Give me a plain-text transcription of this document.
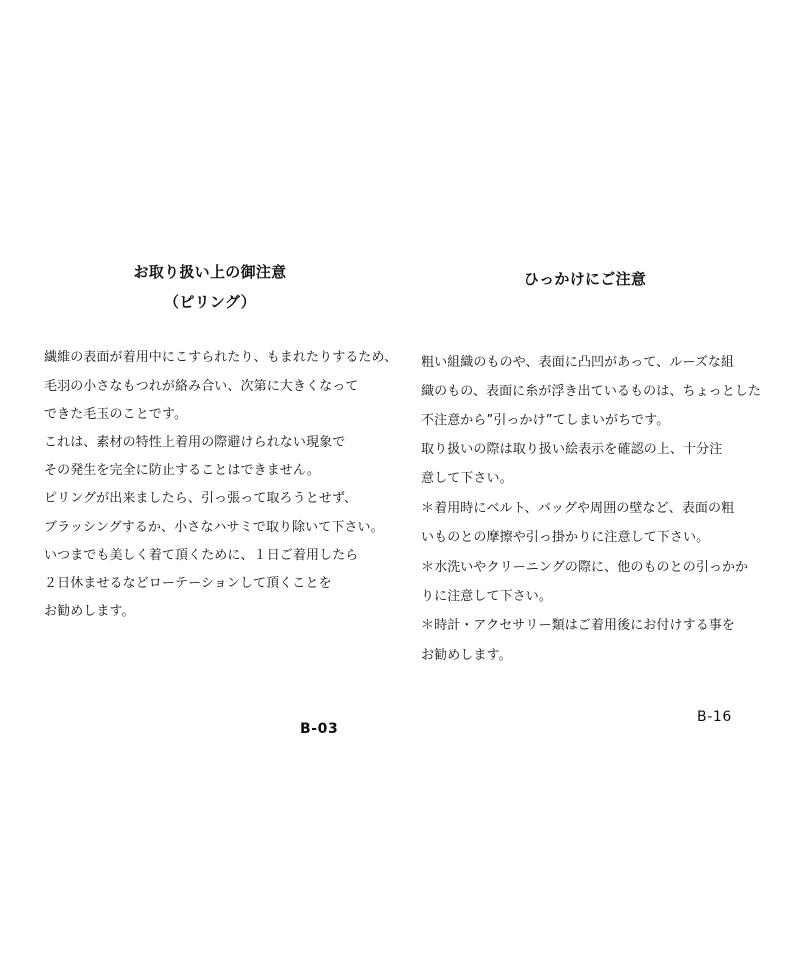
お取り扱い上の御注意
（ピリング）
繊維の表面が着用中にこすられたり、もまれたりするため、
毛羽の小さなもつれが絡み合い、次第に大きくなって
できた毛玉のことです。
これは、素材の特性上着用の際避けられない現象で
その発生を完全に防止することはできません。
ピリングが出来ましたら、引っ張って取ろうとせず、
ブラッシングするか、小さなハサミで取り除いて下さい。
いつまでも美しく着て頂くために、１日ご着用したら
２日休ませるなどローテーションして頂くことを
お勧めします。
B-03
ひっかけにご注意
粗い組織のものや、表面に凸凹があって、ルーズな組
織のもの、表面に糸が浮き出ているものは、ちょっとした
不注意から”引っかけ”てしまいがちです。
取り扱いの際は取り扱い絵表示を確認の上、十分注
意して下さい。
＊着用時にベルト、バッグや周囲の壁など、表面の粗
いものとの摩擦や引っ掛かりに注意して下さい。
＊水洗いやクリーニングの際に、他のものとの引っかか
りに注意して下さい。
＊時計・アクセサリー類はご着用後にお付けする事を
お勧めします。
B-16
